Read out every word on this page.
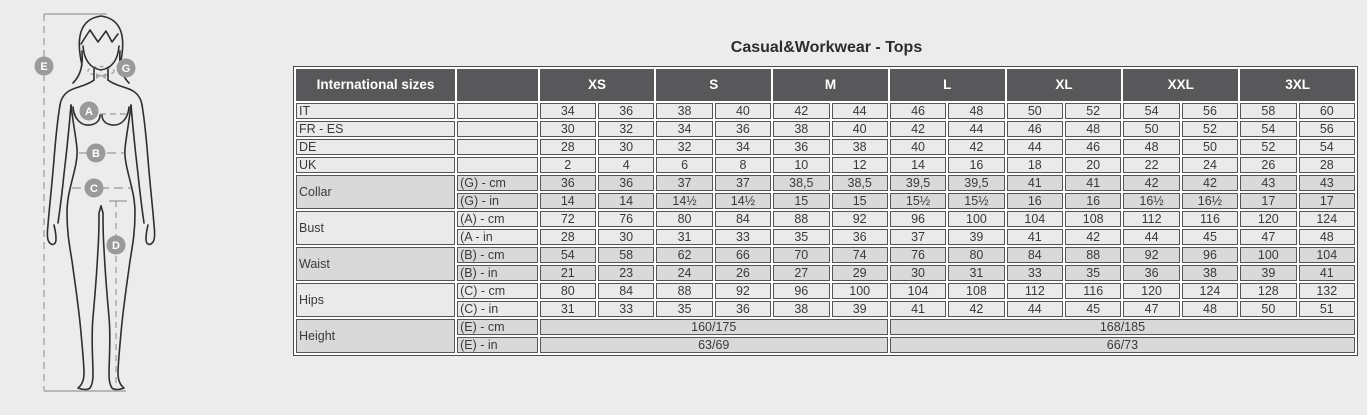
E	G
A
B
C
D
Casual&Workwear - Tops
International sizes		XS		S		M		L		XL		XXL		3XL	
IT		34	36	38	40	42	44	46	48	50	52	54	56	58	60
FR - ES		30	32	34	36	38	40	42	44	46	48	50	52	54	56
DE		28	30	32	34	36	38	40	42	44	46	48	50	52	54
UK		2	4	6	8	10	12	14	16	18	20	22	24	26	28
Collar	(G) - cm	36	36	37	37	38,5	38,5	39,5	39,5	41	41	42	42	43	43
	(G) - in	14	14	14½	14½	15	15	15½	15½	16	16	16½	16½	17	17
Bust	(A) - cm	72	76	80	84	88	92	96	100	104	108	112	116	120	124
	(A - in	28	30	31	33	35	36	37	39	41	42	44	45	47	48
Waist	(B) - cm	54	58	62	66	70	74	76	80	84	88	92	96	100	104
	(B) - in	21	23	24	26	27	29	30	31	33	35	36	38	39	41
Hips	(C) - cm	80	84	88	92	96	100	104	108	112	116	120	124	128	132
	(C) - in	31	33	35	36	38	39	41	42	44	45	47	48	50	51
Height	(E) - cm	160/175						168/185							
	(E) - in	63/69						66/73							
